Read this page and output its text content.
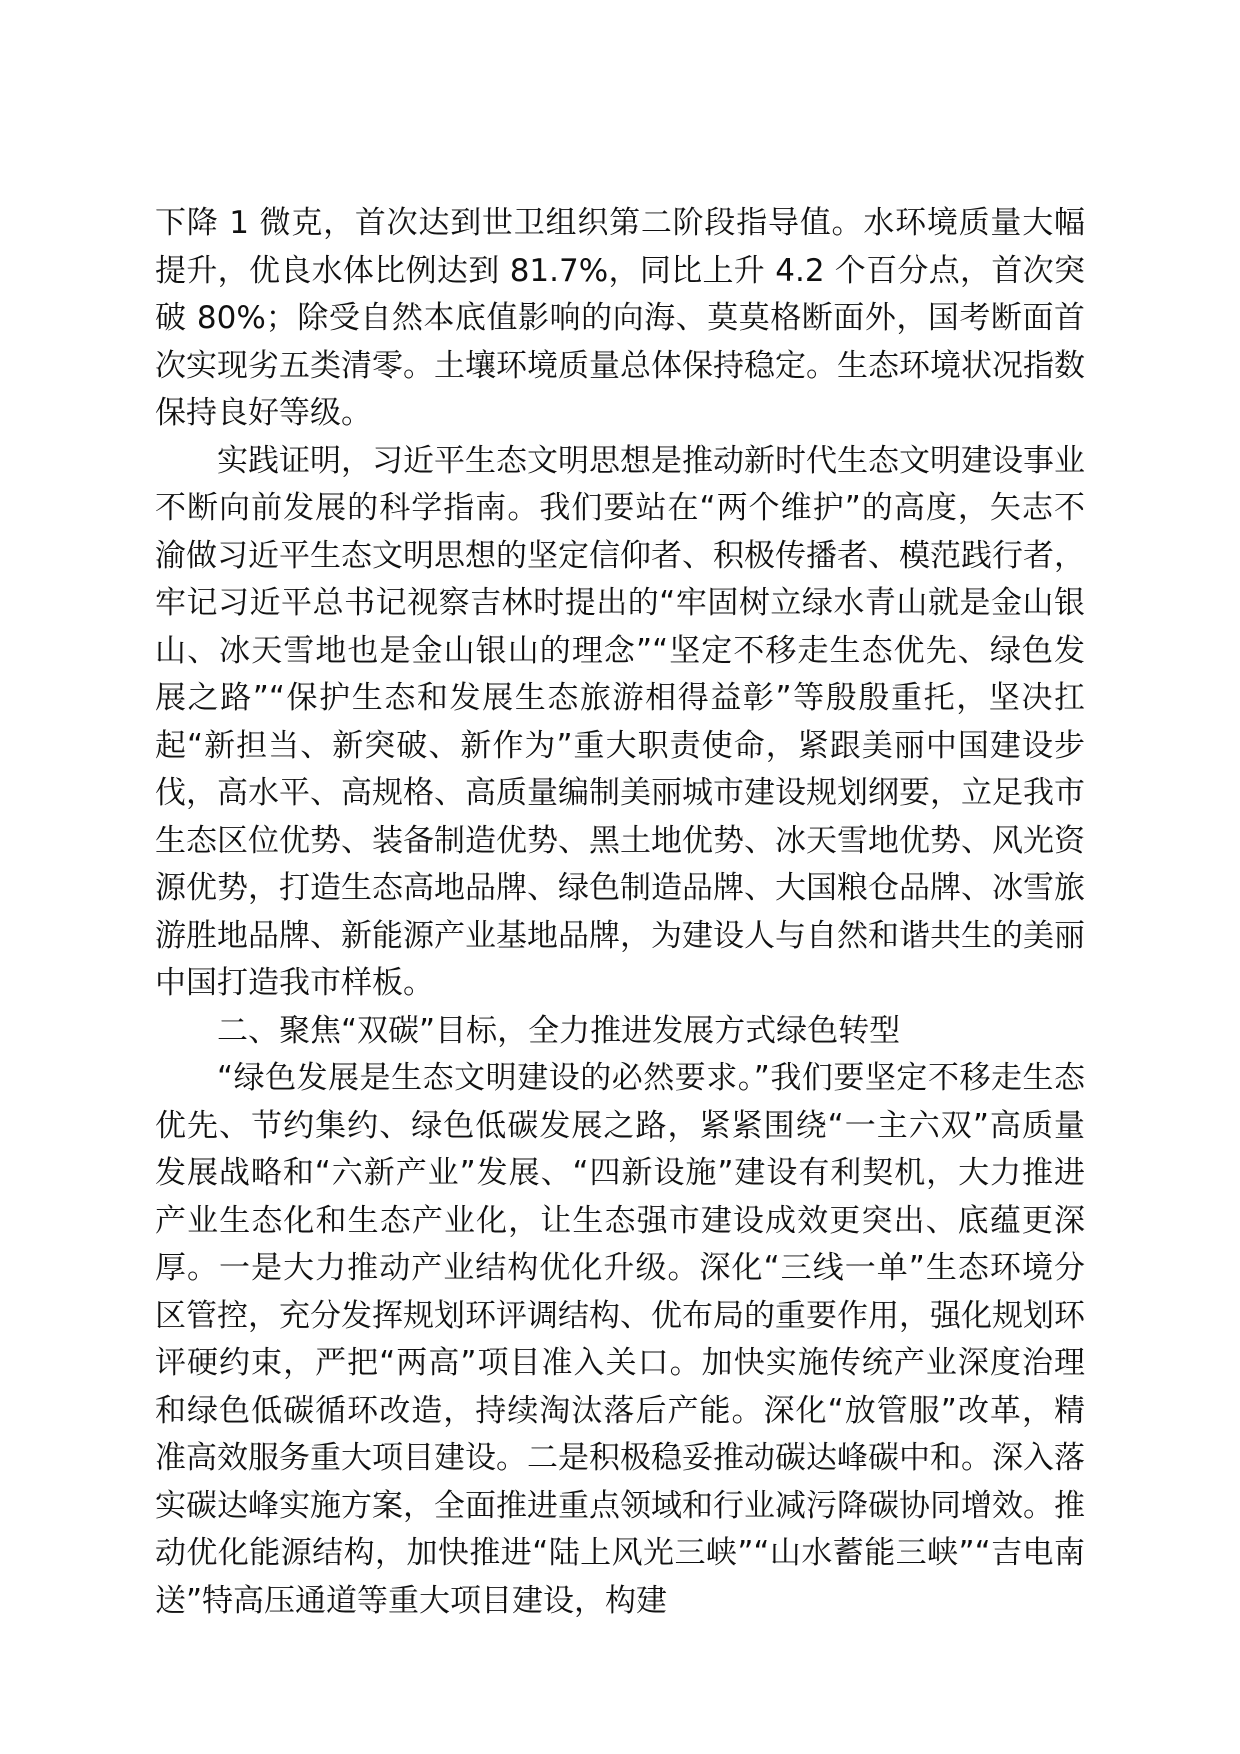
下降 1 微克，首次达到世卫组织第二阶段指导值。水环境质量大幅提升，优良水体比例达到 81.7%，同比上升 4.2 个百分点，首次突破 80%；除受自然本底值影响的向海、莫莫格断面外，国考断面首次实现劣五类清零。土壤环境质量总体保持稳定。生态环境状况指数保持良好等级。

实践证明，习近平生态文明思想是推动新时代生态文明建设事业不断向前发展的科学指南。我们要站在“两个维护”的高度，矢志不渝做习近平生态文明思想的坚定信仰者、积极传播者、模范践行者，牢记习近平总书记视察吉林时提出的“牢固树立绿水青山就是金山银山、冰天雪地也是金山银山的理念”“坚定不移走生态优先、绿色发展之路”“保护生态和发展生态旅游相得益彰”等殷殷重托，坚决扛起“新担当、新突破、新作为”重大职责使命，紧跟美丽中国建设步伐，高水平、高规格、高质量编制美丽城市建设规划纲要，立足我市生态区位优势、装备制造优势、黑土地优势、冰天雪地优势、风光资源优势，打造生态高地品牌、绿色制造品牌、大国粮仓品牌、冰雪旅游胜地品牌、新能源产业基地品牌，为建设人与自然和谐共生的美丽中国打造我市样板。

二、聚焦“双碳”目标，全力推进发展方式绿色转型

“绿色发展是生态文明建设的必然要求。”我们要坚定不移走生态优先、节约集约、绿色低碳发展之路，紧紧围绕“一主六双”高质量发展战略和“六新产业”发展、“四新设施”建设有利契机，大力推进产业生态化和生态产业化，让生态强市建设成效更突出、底蕴更深厚。一是大力推动产业结构优化升级。深化“三线一单”生态环境分区管控，充分发挥规划环评调结构、优布局的重要作用，强化规划环评硬约束，严把“两高”项目准入关口。加快实施传统产业深度治理和绿色低碳循环改造，持续淘汰落后产能。深化“放管服”改革，精准高效服务重大项目建设。二是积极稳妥推动碳达峰碳中和。深入落实碳达峰实施方案，全面推进重点领域和行业减污降碳协同增效。推动优化能源结构，加快推进“陆上风光三峡”“山水蓄能三峡”“吉电南送”特高压通道等重大项目建设，构建
